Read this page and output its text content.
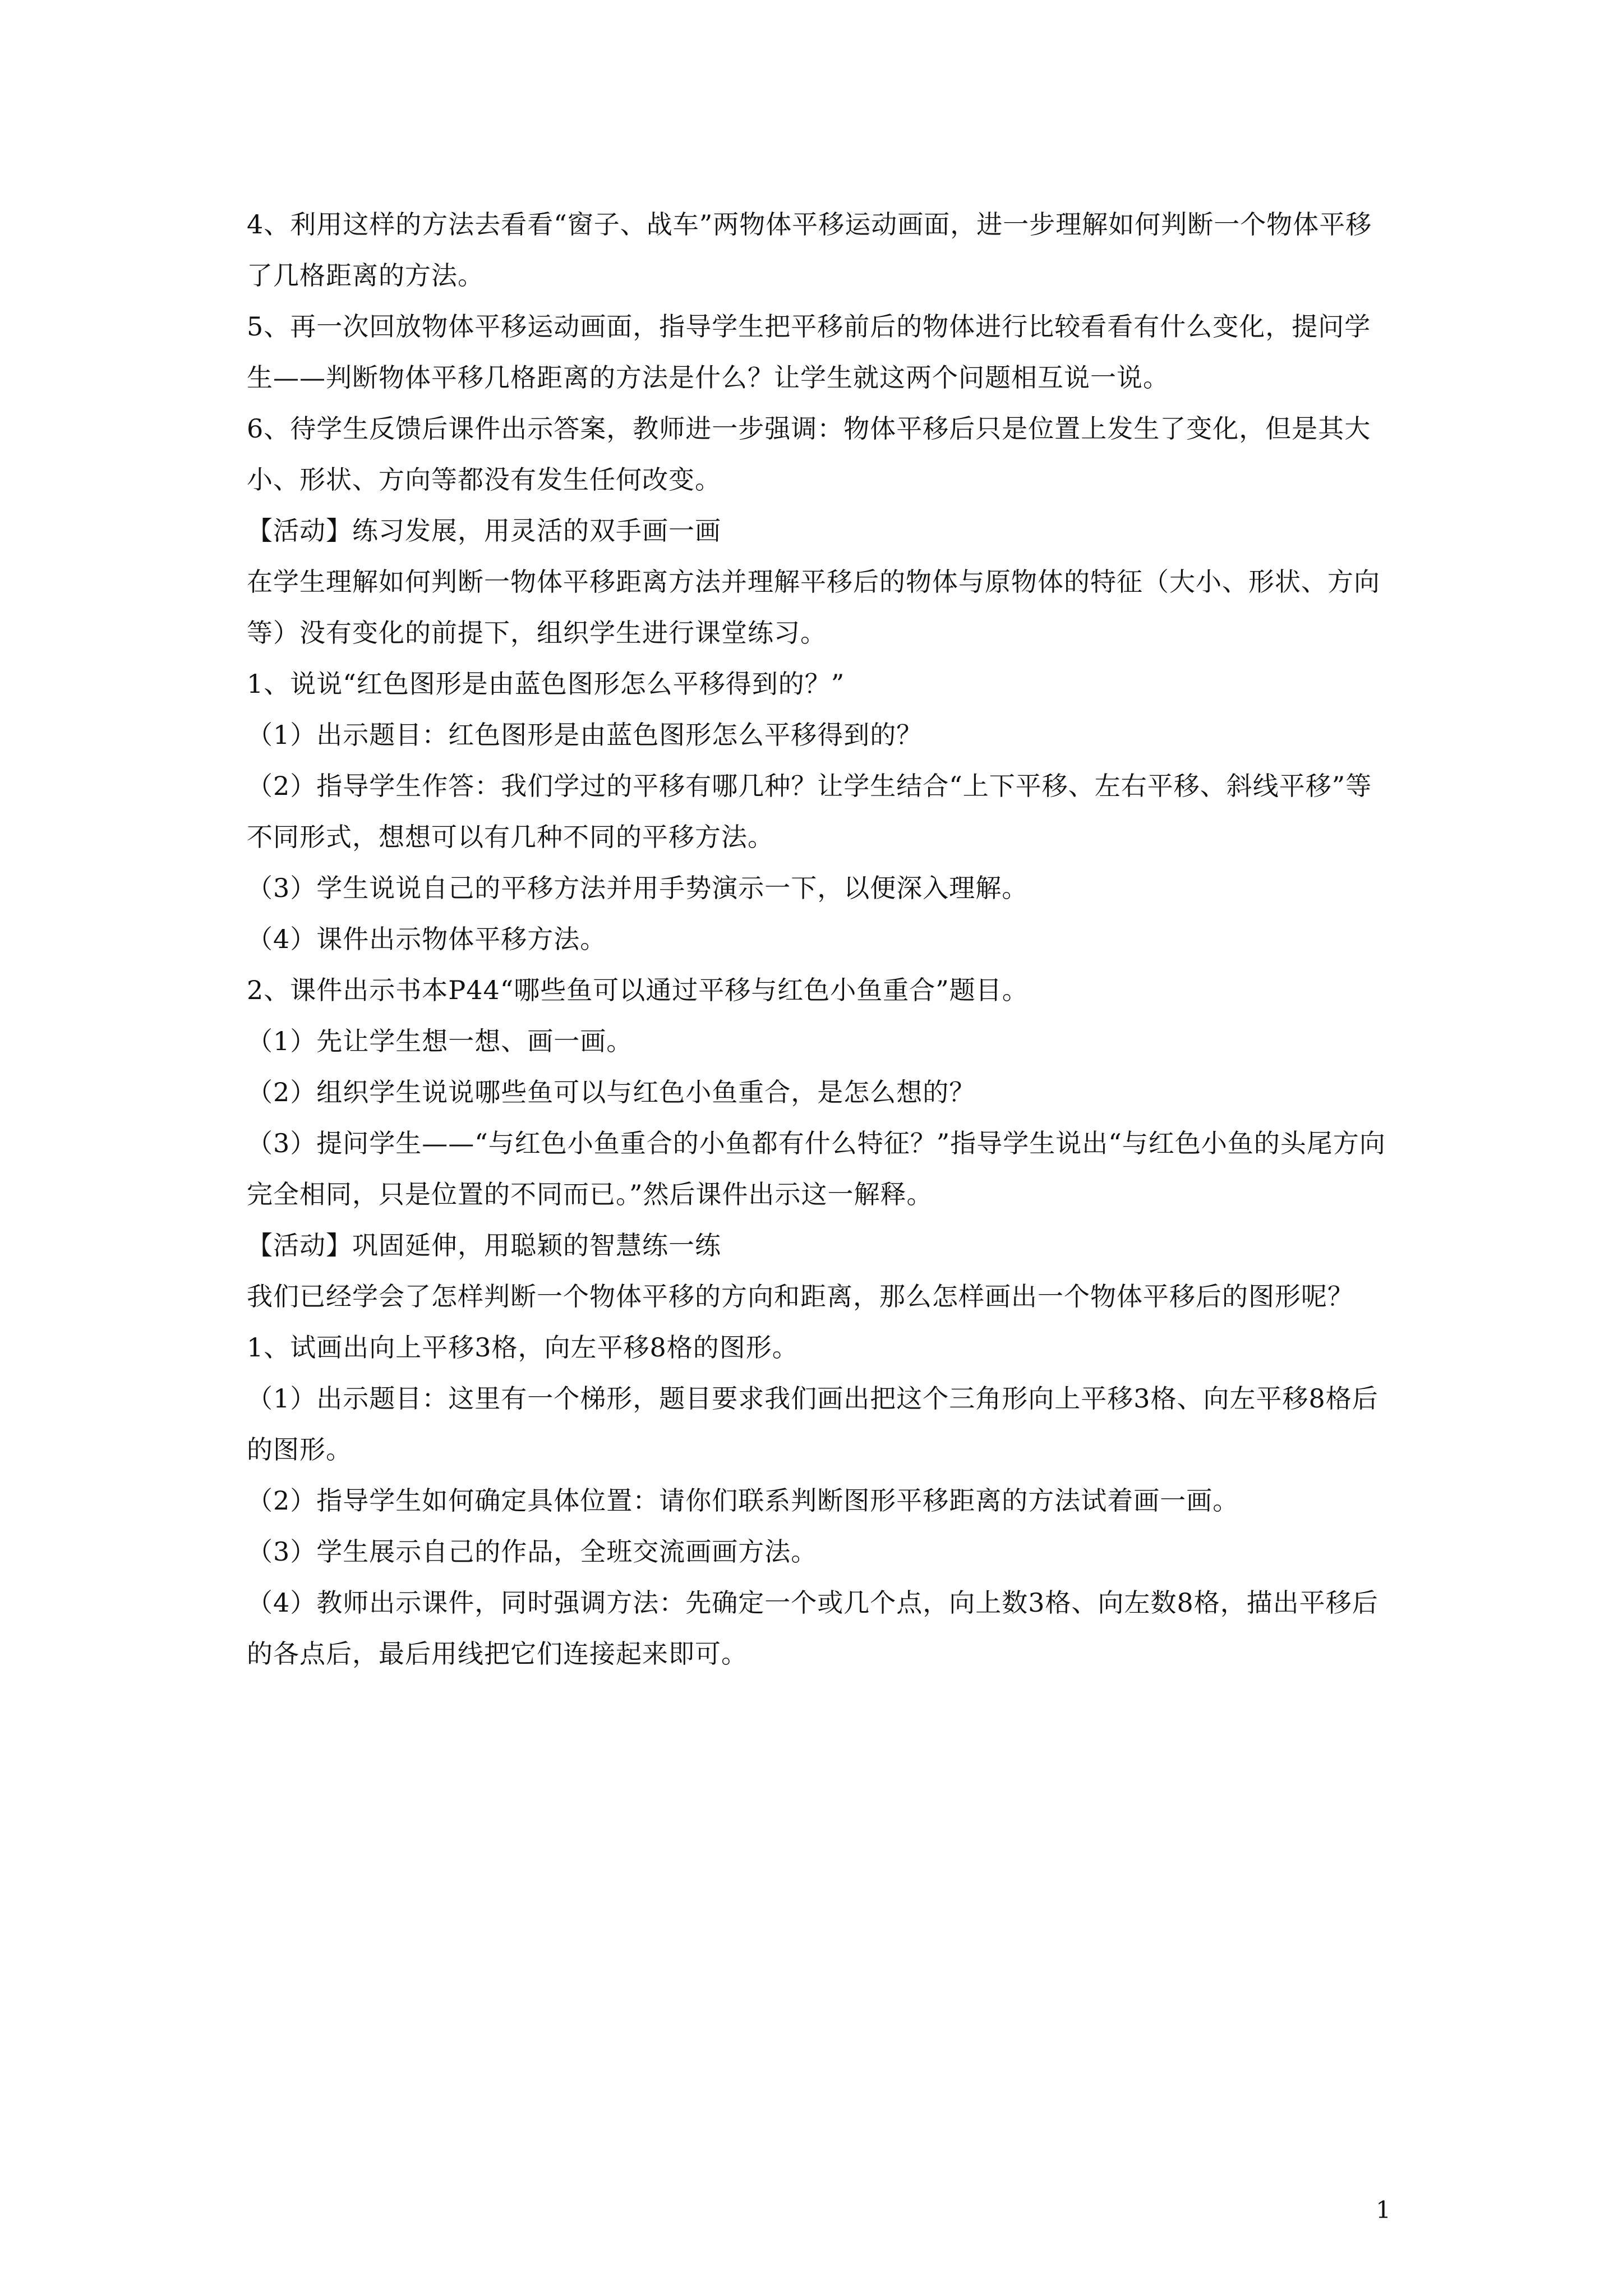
4、利用这样的方法去看看“窗子、战车”两物体平移运动画面，进一步理解如何判断一个物体平移了几格距离的方法。

5、再一次回放物体平移运动画面，指导学生把平移前后的物体进行比较看看有什么变化，提问学生——判断物体平移几格距离的方法是什么？让学生就这两个问题相互说一说。

6、待学生反馈后课件出示答案，教师进一步强调：物体平移后只是位置上发生了变化，但是其大小、形状、方向等都没有发生任何改变。

【活动】练习发展，用灵活的双手画一画

在学生理解如何判断一物体平移距离方法并理解平移后的物体与原物体的特征（大小、形状、方向等）没有变化的前提下，组织学生进行课堂练习。

1、说说“红色图形是由蓝色图形怎么平移得到的？”

（1）出示题目：红色图形是由蓝色图形怎么平移得到的？

（2）指导学生作答：我们学过的平移有哪几种？让学生结合“上下平移、左右平移、斜线平移”等不同形式，想想可以有几种不同的平移方法。

（3）学生说说自己的平移方法并用手势演示一下，以便深入理解。

（4）课件出示物体平移方法。

2、课件出示书本P44“哪些鱼可以通过平移与红色小鱼重合”题目。

（1）先让学生想一想、画一画。

（2）组织学生说说哪些鱼可以与红色小鱼重合，是怎么想的？

（3）提问学生——“与红色小鱼重合的小鱼都有什么特征？”指导学生说出“与红色小鱼的头尾方向完全相同，只是位置的不同而已。”然后课件出示这一解释。

【活动】巩固延伸，用聪颖的智慧练一练

我们已经学会了怎样判断一个物体平移的方向和距离，那么怎样画出一个物体平移后的图形呢？

1、试画出向上平移3格，向左平移8格的图形。

（1）出示题目：这里有一个梯形，题目要求我们画出把这个三角形向上平移3格、向左平移8格后的图形。

（2）指导学生如何确定具体位置：请你们联系判断图形平移距离的方法试着画一画。

（3）学生展示自己的作品，全班交流画画方法。

（4）教师出示课件，同时强调方法：先确定一个或几个点，向上数3格、向左数8格，描出平移后的各点后，最后用线把它们连接起来即可。

1
